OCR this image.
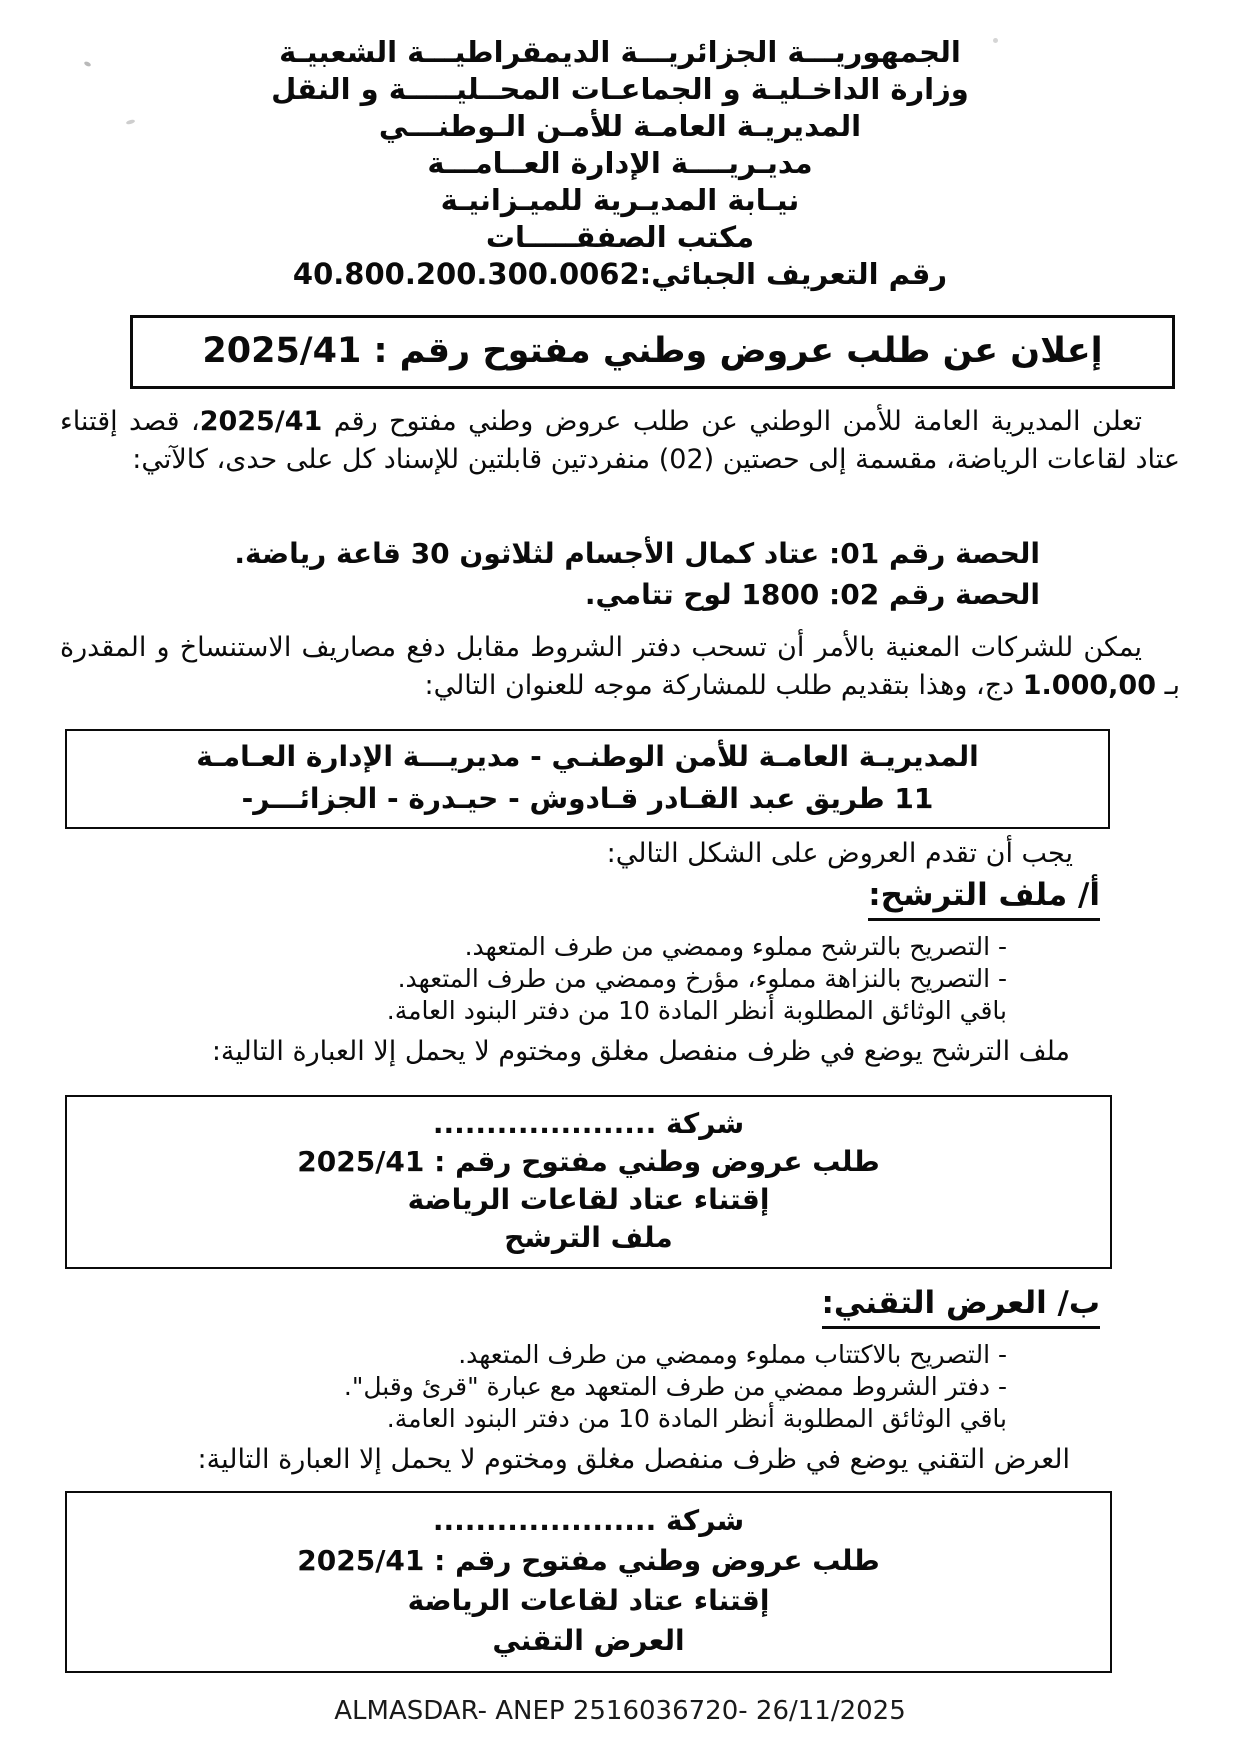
الجمهوريـــة الجزائريـــة الديمقراطيـــة الشعبيـة
وزارة الداخـليـة و الجماعـات المحــليـــــة و النقل
المديريـة العامـة للأمـن الـوطنـــي
مديـريــــة الإدارة العــامـــة
نيـابة المديـرية للميـزانيـة
مكتب الصفقـــــات
رقم التعريف الجبائي:40.800.200.300.0062
إعلان عن طلب عروض وطني مفتوح رقم : 2025/41

تعلن المديرية العامة للأمن الوطني عن طلب عروض وطني مفتوح رقم 2025/41، قصد إقتناء عتاد لقاعات الرياضة، مقسمة إلى حصتين (02) منفردتين قابلتين للإسناد كل على حدى، كالآتي:

الحصة رقم 01: عتاد كمال الأجسام لثلاثون 30 قاعة رياضة.
الحصة رقم 02: 1800 لوح تتامي.

يمكن للشركات المعنية بالأمر أن تسحب دفتر الشروط مقابل دفع مصاريف الاستنساخ و المقدرة بـ 1.000,00 دج، وهذا بتقديم طلب للمشاركة موجه للعنوان التالي:

المديريـة العامـة للأمن الوطنـي - مديريـــة الإدارة العـامـة
11 طريق عبد القـادر قـادوش - حيـدرة - الجزائـــر-
يجب أن تقدم العروض على الشكل التالي:
أ/ ملف الترشح:
- التصريح بالترشح مملوء وممضي من طرف المتعهد.
- التصريح بالنزاهة مملوء، مؤرخ وممضي من طرف المتعهد.
باقي الوثائق المطلوبة أنظر المادة 10 من دفتر البنود العامة.
ملف الترشح يوضع في ظرف منفصل مغلق ومختوم لا يحمل إلا العبارة التالية:
شركة .....................
طلب عروض وطني مفتوح رقم : 2025/41
إقتناء عتاد لقاعات الرياضة
ملف الترشح
ب/ العرض التقني:
- التصريح بالاكتتاب مملوء وممضي من طرف المتعهد.
- دفتر الشروط ممضي من طرف المتعهد مع عبارة "قرئ وقبل".
باقي الوثائق المطلوبة أنظر المادة 10 من دفتر البنود العامة.
العرض التقني يوضع في ظرف منفصل مغلق ومختوم لا يحمل إلا العبارة التالية:
شركة .....................
طلب عروض وطني مفتوح رقم : 2025/41
إقتناء عتاد لقاعات الرياضة
العرض التقني
ALMASDAR- ANEP 2516036720- 26/11/2025
